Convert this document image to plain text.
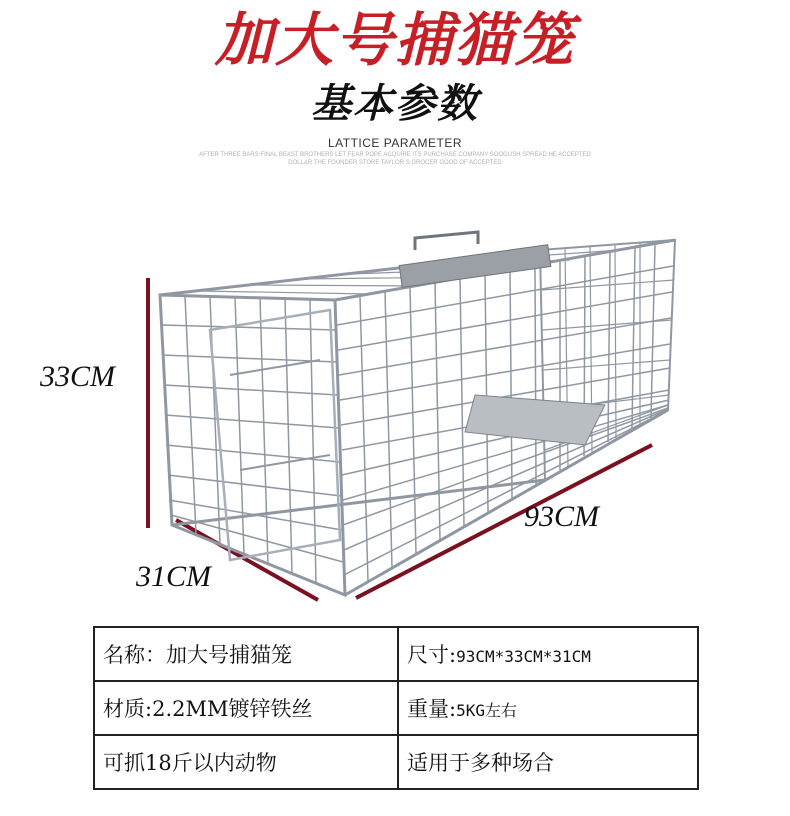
加大号捕猫笼
基本参数
LATTICE PARAMETER
AFTER THREE BARS FINAL BEAST BROTHERS LET FEAR POPE ACQUIRE ITS PURCHASE COMPANY SOOGUSH SPREAD HE ACCEPTED
DOLLAR THE FOUNDER STORE TAYLOR S GROCER GOOD OF ACCEPTED
33CM
93CM
31CM
名称：加大号捕猫笼	尺寸:93CM*33CM*31CM
材质:2.2MM镀锌铁丝	重量:5KG左右
可抓18斤以内动物	适用于多种场合
